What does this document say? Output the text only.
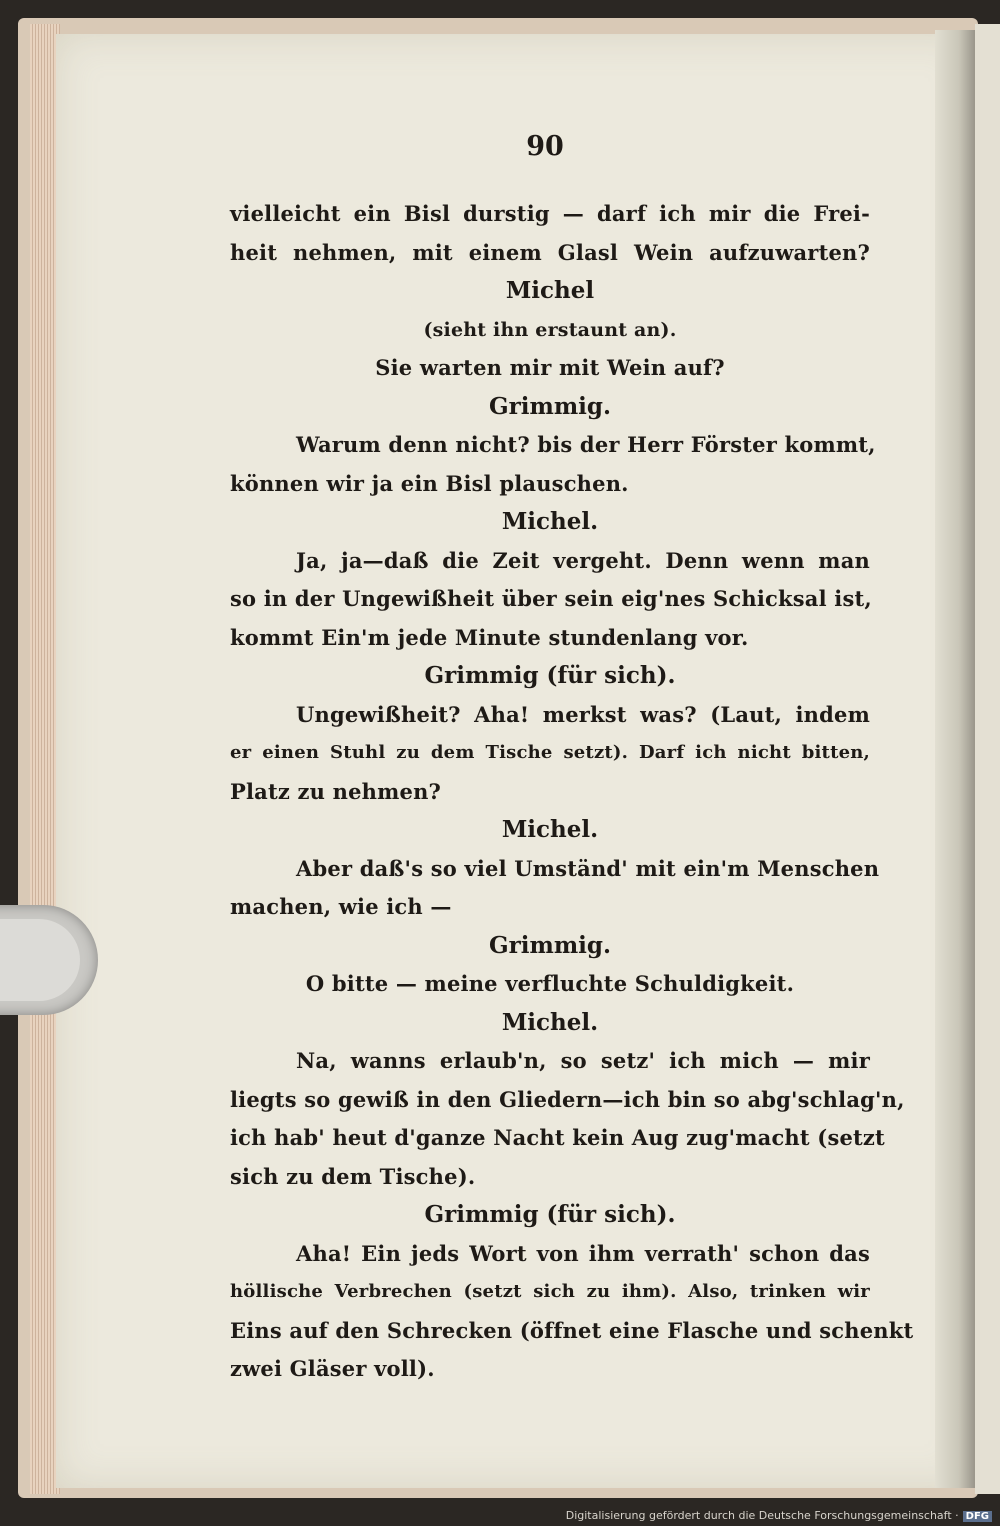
90
vielleicht ein Bisl durstig — darf ich mir die Frei-
heit nehmen, mit einem Glasl Wein aufzuwarten?
Michel
(sieht ihn erstaunt an).
Sie warten mir mit Wein auf?
Grimmig.
Warum denn nicht? bis der Herr Förster kommt,
können wir ja ein Bisl plauschen.
Michel.
Ja, ja—daß die Zeit vergeht. Denn wenn man
so in der Ungewißheit über sein eig'nes Schicksal ist,
kommt Ein'm jede Minute stundenlang vor.
Grimmig (für sich).
Ungewißheit? Aha! merkst was? (Laut, indem
er einen Stuhl zu dem Tische setzt). Darf ich nicht bitten,
Platz zu nehmen?
Michel.
Aber daß's so viel Umständ' mit ein'm Menschen
machen, wie ich —
Grimmig.
O bitte — meine verfluchte Schuldigkeit.
Michel.
Na, wanns erlaub'n, so setz' ich mich — mir
liegts so gewiß in den Gliedern—ich bin so abg'schlag'n,
ich hab' heut d'ganze Nacht kein Aug zug'macht (setzt
sich zu dem Tische).
Grimmig (für sich).
Aha! Ein jeds Wort von ihm verrath' schon das
höllische Verbrechen (setzt sich zu ihm). Also, trinken wir
Eins auf den Schrecken (öffnet eine Flasche und schenkt
zwei Gläser voll).
Digitalisierung gefördert durch die Deutsche Forschungsgemeinschaft · DFG
